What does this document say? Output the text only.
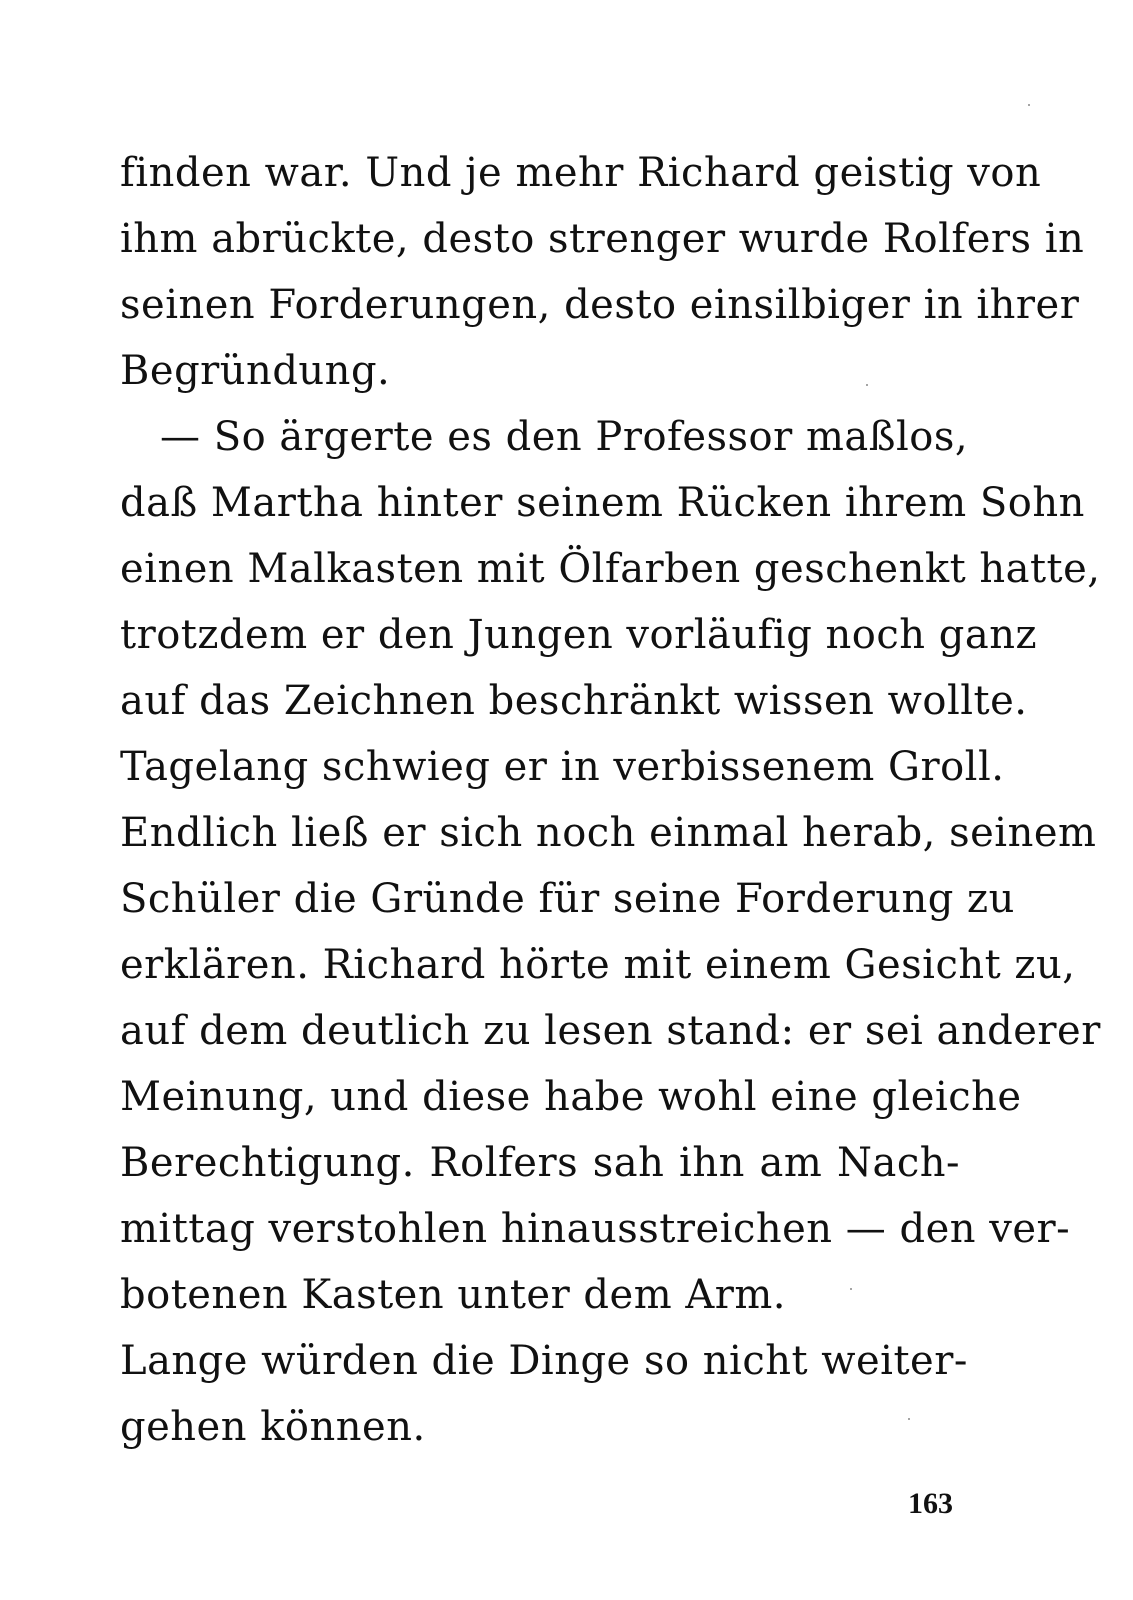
finden war. Und je mehr Richard geistig von
ihm abrückte, desto strenger wurde Rolfers in
seinen Forderungen, desto einsilbiger in ihrer
Begründung.
— So ärgerte es den Professor maßlos,
daß Martha hinter seinem Rücken ihrem Sohn
einen Malkasten mit Ölfarben geschenkt hatte,
trotzdem er den Jungen vorläufig noch ganz
auf das Zeichnen beschränkt wissen wollte.
Tagelang schwieg er in verbissenem Groll.
Endlich ließ er sich noch einmal herab, seinem
Schüler die Gründe für seine Forderung zu
erklären. Richard hörte mit einem Gesicht zu,
auf dem deutlich zu lesen stand: er sei anderer
Meinung, und diese habe wohl eine gleiche
Berechtigung. Rolfers sah ihn am Nach-
mittag verstohlen hinausstreichen — den ver-
botenen Kasten unter dem Arm.
Lange würden die Dinge so nicht weiter-
gehen können.
163
